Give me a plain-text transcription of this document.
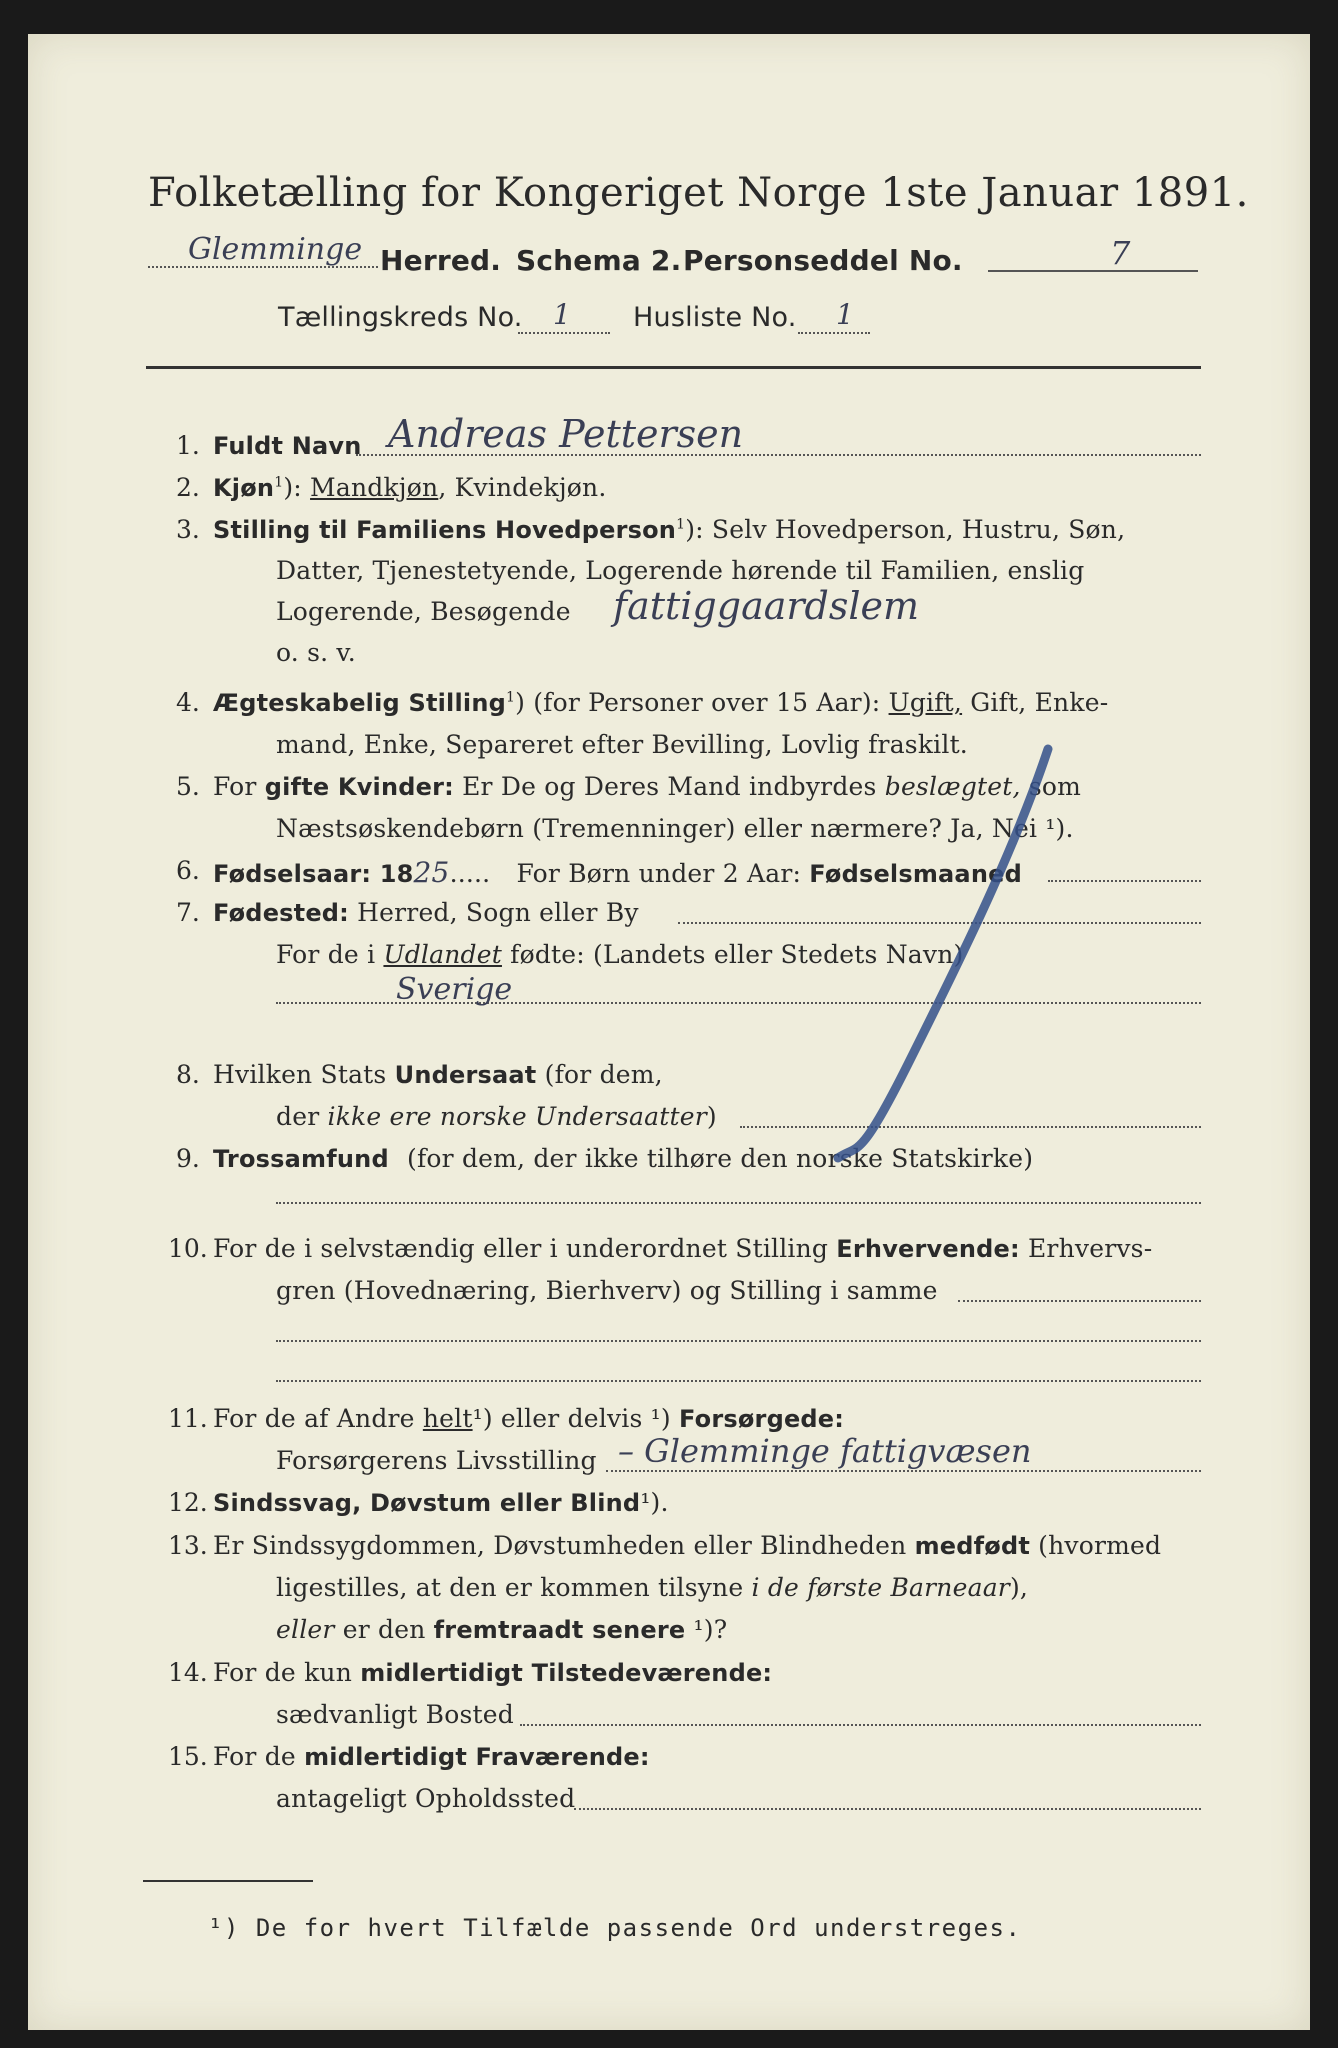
Folketælling for Kongeriget Norge 1ste Januar 1891.
Glemminge Herred. Schema 2. Personseddel No.	7
Tællingskreds No. 1 Husliste No. 1
1. Fuldt Navn Andreas Pettersen
2. Kjøn$^1$): Mandkjøn, Kvindekjøn.
3. Stilling til Familiens Hovedperson$^1$): Selv Hovedperson, Hustru, Søn,
Datter, Tjenestetyende, Logerende hørende til Familien, enslig
Logerende, Besøgende fattiggaardslem
o. s. v.
4. Ægteskabelig Stilling$^1$) (for Personer over 15 Aar): Ugift, Gift, Enke-
mand, Enke, Separeret efter Bevilling, Lovlig fraskilt.
5. For gifte Kvinder: Er De og Deres Mand indbyrdes beslægtet, som
Næstsøskendebørn (Tremenninger) eller nærmere? Ja, Nei ¹).
6. Fødselsaar: 1825..... For Børn under 2 Aar: Fødselsmaaned
7. Fødested: Herred, Sogn eller By
For de i Udlandet fødte: (Landets eller Stedets Navn)
Sverige
8. Hvilken Stats Undersaat (for dem,
der ikke ere norske Undersaatter)
9. Trossamfund (for dem, der ikke tilhøre den norske Statskirke)
10. For de i selvstændig eller i underordnet Stilling Erhvervende: Erhvervs-
gren (Hovednæring, Bierhverv) og Stilling i samme
11. For de af Andre helt¹) eller delvis ¹) Forsørgede:
Forsørgerens Livsstilling – Glemminge fattigvæsen
12. Sindssvag, Døvstum eller Blind¹).
13. Er Sindssygdommen, Døvstumheden eller Blindheden medfødt (hvormed
ligestilles, at den er kommen tilsyne i de første Barneaar),
eller er den fremtraadt senere ¹)?
14. For de kun midlertidigt Tilstedeværende:
sædvanligt Bosted
15. For de midlertidigt Fraværende:
antageligt Opholdssted
¹) De for hvert Tilfælde passende Ord understreges.
